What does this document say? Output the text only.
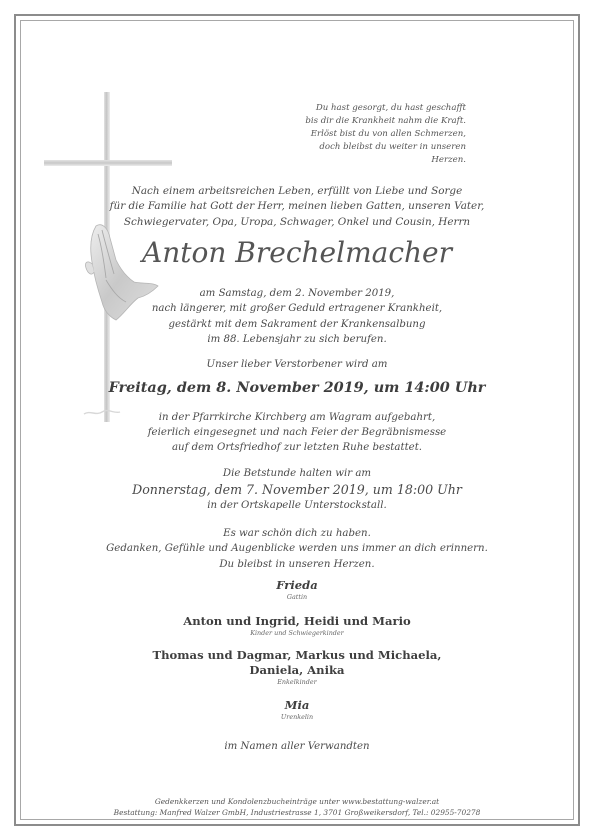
Du hast gesorgt, du hast geschafft
bis dir die Krankheit nahm die Kraft.
Erlöst bist du von allen Schmerzen,
doch bleibst du weiter in unseren Herzen.
Nach einem arbeitsreichen Leben, erfüllt von Liebe und Sorge
für die Familie hat Gott der Herr, meinen lieben Gatten, unseren Vater,
Schwiegervater, Opa, Uropa, Schwager, Onkel und Cousin, Herrn
Anton Brechelmacher
am Samstag, dem 2. November 2019,
nach längerer, mit großer Geduld ertragener Krankheit,
gestärkt mit dem Sakrament der Krankensalbung
im 88. Lebensjahr zu sich berufen.
Unser lieber Verstorbener wird am
Freitag, dem 8. November 2019, um 14:00 Uhr
in der Pfarrkirche Kirchberg am Wagram aufgebahrt,
feierlich eingesegnet und nach Feier der Begräbnismesse
auf dem Ortsfriedhof zur letzten Ruhe bestattet.
Die Betstunde halten wir am
Donnerstag, dem 7. November 2019, um 18:00 Uhr
in der Ortskapelle Unterstockstall.
Es war schön dich zu haben.
Gedanken, Gefühle und Augenblicke werden uns immer an dich erinnern.
Du bleibst in unseren Herzen.
Frieda
Gattin
Anton und Ingrid, Heidi und Mario
Kinder und Schwiegerkinder
Thomas und Dagmar, Markus und Michaela,
Daniela, Anika
Enkelkinder
Mia
Urenkelin
im Namen aller Verwandten
Gedenkkerzen und Kondolenzbucheinträge unter www.bestattung-walzer.at
Bestattung: Manfred Walzer GmbH, Industriestrasse 1, 3701 Großweikersdorf, Tel.: 02955-70278
